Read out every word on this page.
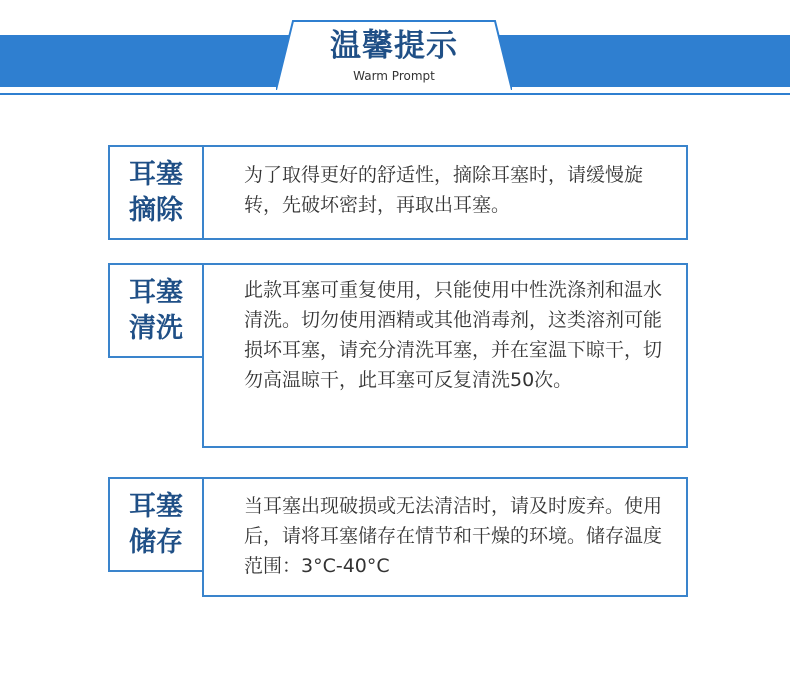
温馨提示
Warm Prompt
为了取得更好的舒适性，摘除耳塞时，请缓慢旋转，先破坏密封，再取出耳塞。
耳塞摘除
此款耳塞可重复使用，只能使用中性洗涤剂和温水清洗。切勿使用酒精或其他消毒剂，这类溶剂可能损坏耳塞，请充分清洗耳塞，并在室温下晾干，切勿高温晾干，此耳塞可反复清洗50次。
耳塞清洗
当耳塞出现破损或无法清洁时，请及时废弃。使用后，请将耳塞储存在情节和干燥的环境。储存温度范围：3°C-40°C
耳塞储存
